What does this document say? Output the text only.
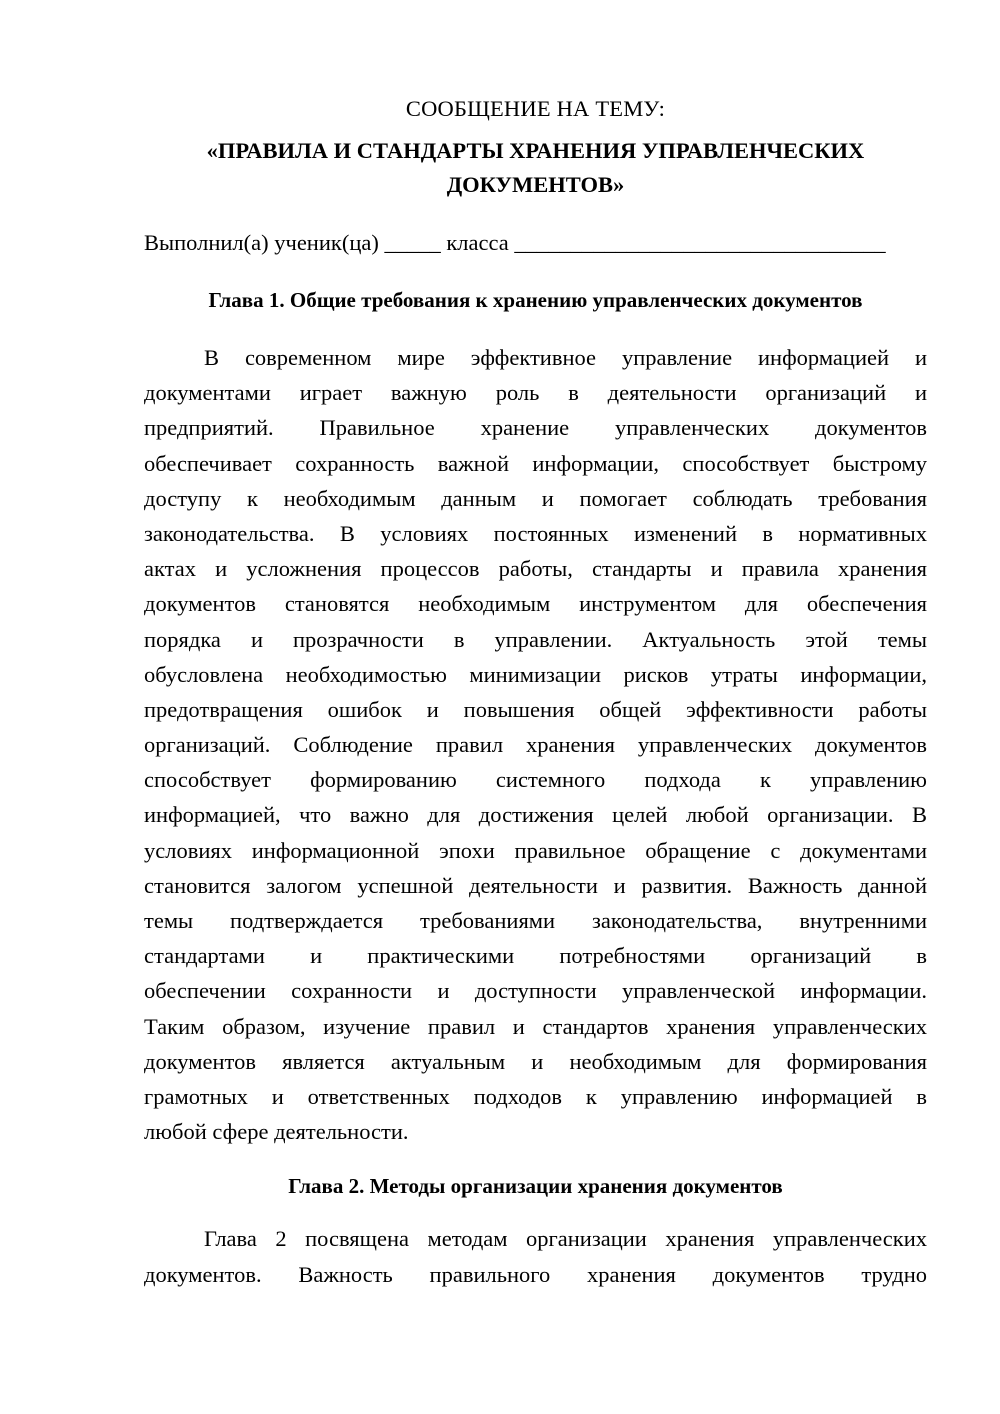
СООБЩЕНИЕ НА ТЕМУ:

«ПРАВИЛА И СТАНДАРТЫ ХРАНЕНИЯ УПРАВЛЕНЧЕСКИХ
ДОКУМЕНТОВ»

Выполнил(а) ученик(ца) _____ класса _________________________________

Глава 1. Общие требования к хранению управленческих документов

В современном мире эффективное управление информацией и
документами играет важную роль в деятельности организаций и
предприятий. Правильное хранение управленческих документов
обеспечивает сохранность важной информации, способствует быстрому
доступу к необходимым данным и помогает соблюдать требования
законодательства. В условиях постоянных изменений в нормативных
актах и усложнения процессов работы, стандарты и правила хранения
документов становятся необходимым инструментом для обеспечения
порядка и прозрачности в управлении. Актуальность этой темы
обусловлена необходимостью минимизации рисков утраты информации,
предотвращения ошибок и повышения общей эффективности работы
организаций. Соблюдение правил хранения управленческих документов
способствует формированию системного подхода к управлению
информацией, что важно для достижения целей любой организации. В
условиях информационной эпохи правильное обращение с документами
становится залогом успешной деятельности и развития. Важность данной
темы подтверждается требованиями законодательства, внутренними
стандартами и практическими потребностями организаций в
обеспечении сохранности и доступности управленческой информации.
Таким образом, изучение правил и стандартов хранения управленческих
документов является актуальным и необходимым для формирования
грамотных и ответственных подходов к управлению информацией в
любой сфере деятельности.

Глава 2. Методы организации хранения документов

Глава 2 посвящена методам организации хранения управленческих
документов. Важность правильного хранения документов трудно
